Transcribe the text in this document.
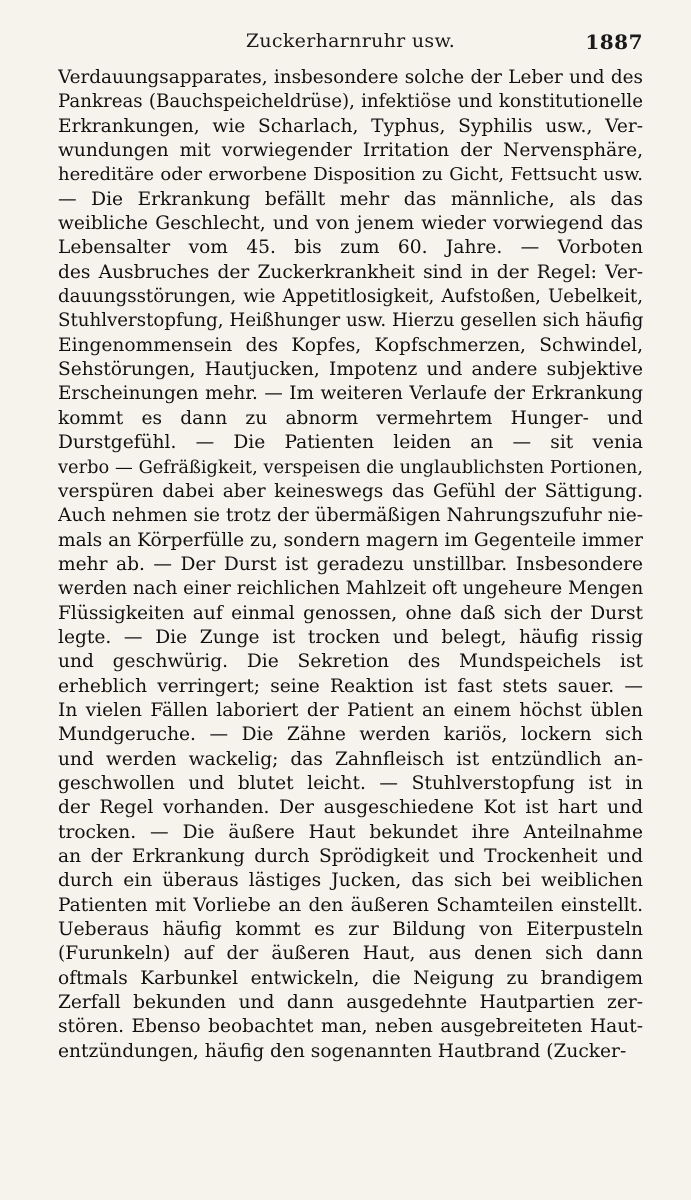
Zuckerharnruhr usw.	1887
Verdauungsapparates, insbesondere solche der Leber und des
Pankreas (Bauchspeicheldrüse), infektiöse und konstitutionelle
Erkrankungen, wie Scharlach, Typhus, Syphilis usw., Ver-
wundungen mit vorwiegender Irritation der Nervensphäre,
hereditäre oder erworbene Disposition zu Gicht, Fettsucht usw.
— Die Erkrankung befällt mehr das männliche, als das
weibliche Geschlecht, und von jenem wieder vorwiegend das
Lebensalter vom 45. bis zum 60. Jahre. — Vorboten
des Ausbruches der Zuckerkrankheit sind in der Regel: Ver-
dauungsstörungen, wie Appetitlosigkeit, Aufstoßen, Uebelkeit,
Stuhlverstopfung, Heißhunger usw. Hierzu gesellen sich häufig
Eingenommensein des Kopfes, Kopfschmerzen, Schwindel,
Sehstörungen, Hautjucken, Impotenz und andere subjektive
Erscheinungen mehr. — Im weiteren Verlaufe der Erkrankung
kommt es dann zu abnorm vermehrtem Hunger- und
Durstgefühl. — Die Patienten leiden an — sit venia
verbo — Gefräßigkeit, verspeisen die unglaublichsten Portionen,
verspüren dabei aber keineswegs das Gefühl der Sättigung.
Auch nehmen sie trotz der übermäßigen Nahrungszufuhr nie-
mals an Körperfülle zu, sondern magern im Gegenteile immer
mehr ab. — Der Durst ist geradezu unstillbar. Insbesondere
werden nach einer reichlichen Mahlzeit oft ungeheure Mengen
Flüssigkeiten auf einmal genossen, ohne daß sich der Durst
legte. — Die Zunge ist trocken und belegt, häufig rissig
und geschwürig. Die Sekretion des Mundspeichels ist
erheblich verringert; seine Reaktion ist fast stets sauer. —
In vielen Fällen laboriert der Patient an einem höchst üblen
Mundgeruche. — Die Zähne werden kariös, lockern sich
und werden wackelig; das Zahnfleisch ist entzündlich an-
geschwollen und blutet leicht. — Stuhlverstopfung ist in
der Regel vorhanden. Der ausgeschiedene Kot ist hart und
trocken. — Die äußere Haut bekundet ihre Anteilnahme
an der Erkrankung durch Sprödigkeit und Trockenheit und
durch ein überaus lästiges Jucken, das sich bei weiblichen
Patienten mit Vorliebe an den äußeren Schamteilen einstellt.
Ueberaus häufig kommt es zur Bildung von Eiterpusteln
(Furunkeln) auf der äußeren Haut, aus denen sich dann
oftmals Karbunkel entwickeln, die Neigung zu brandigem
Zerfall bekunden und dann ausgedehnte Hautpartien zer-
stören. Ebenso beobachtet man, neben ausgebreiteten Haut-
entzündungen, häufig den sogenannten Hautbrand (Zucker-
